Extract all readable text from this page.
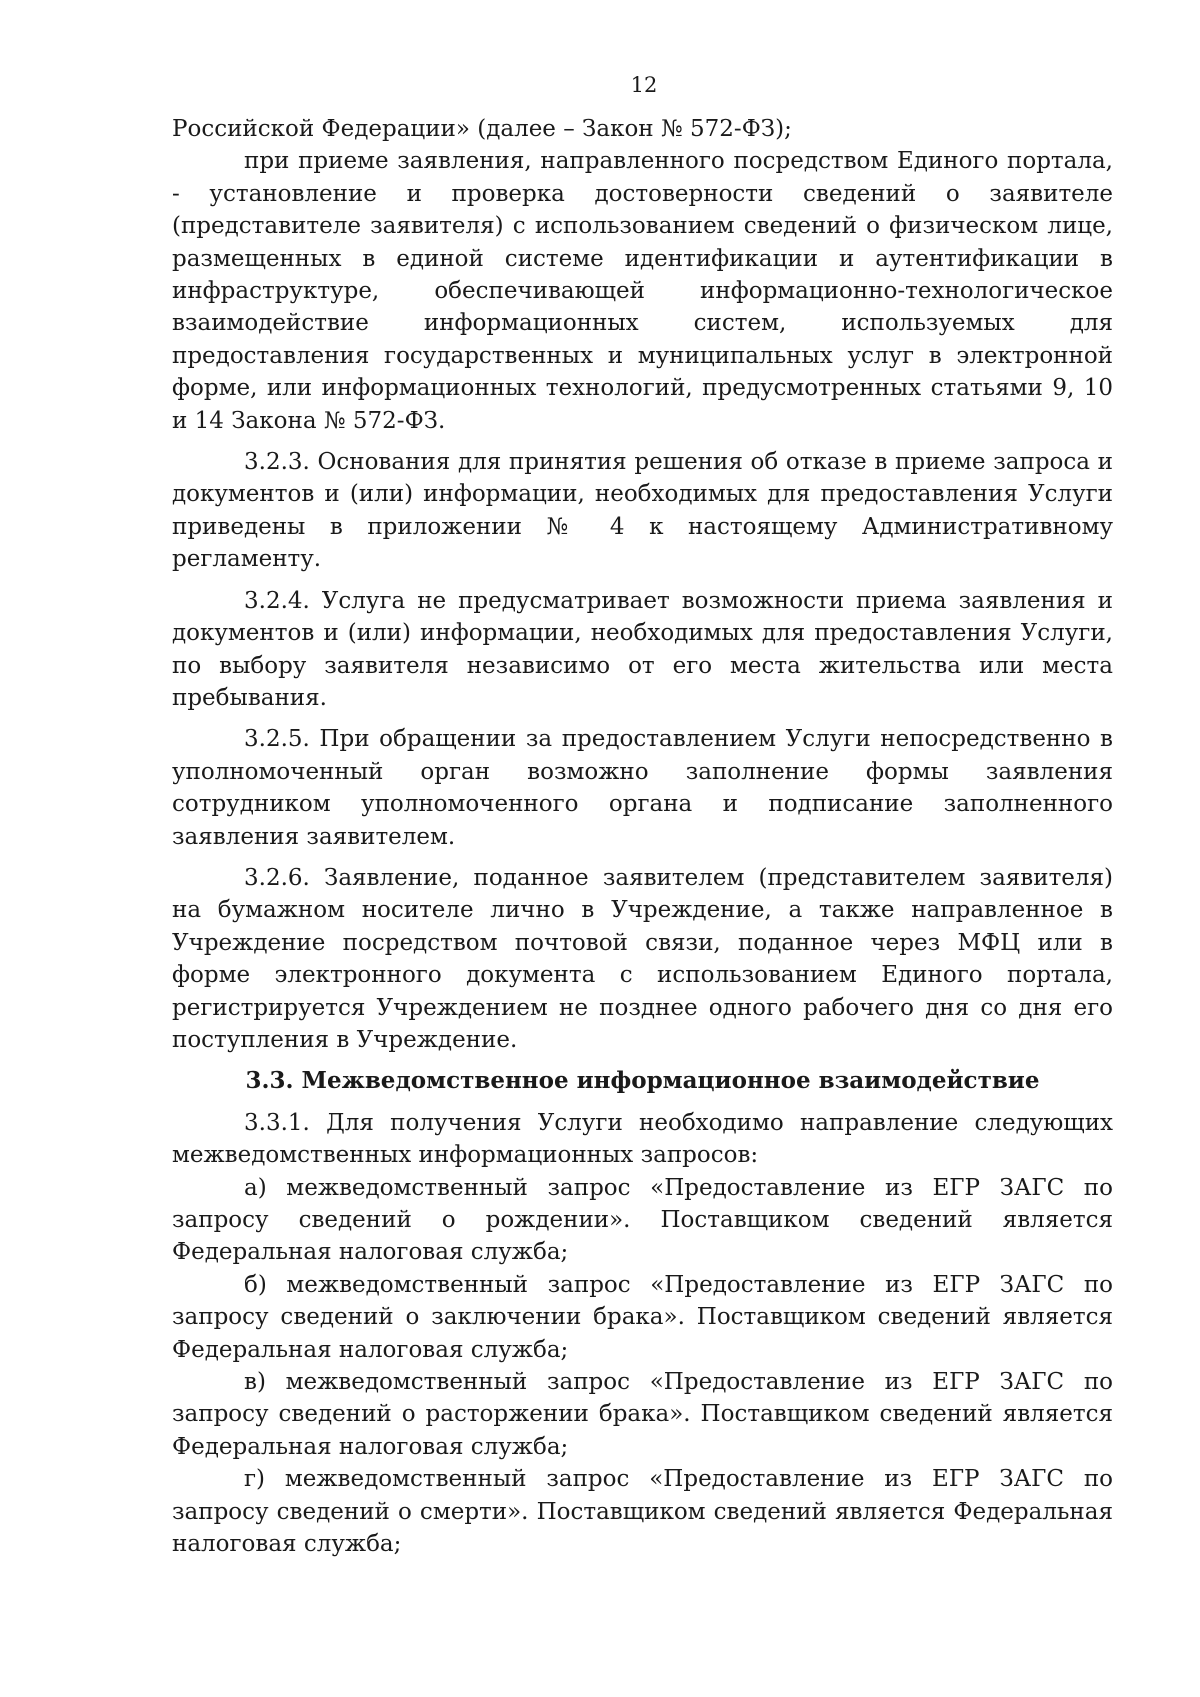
12

Российской Федерации» (далее – Закон № 572-ФЗ);

при приеме заявления, направленного посредством Единого портала, - установление и проверка достоверности сведений о заявителе (представителе заявителя) с использованием сведений о физическом лице, размещенных в единой системе идентификации и аутентификации в инфраструктуре, обеспечивающей информационно-технологическое взаимодействие информационных систем, используемых для предоставления государственных и муниципальных услуг в электронной форме, или информационных технологий, предусмотренных статьями 9, 10 и 14 Закона № 572-ФЗ.

3.2.3. Основания для принятия решения об отказе в приеме запроса и документов и (или) информации, необходимых для предоставления Услуги приведены в приложении № 4 к настоящему Административному регламенту.

3.2.4. Услуга не предусматривает возможности приема заявления и документов и (или) информации, необходимых для предоставления Услуги, по выбору заявителя независимо от его места жительства или места пребывания.

3.2.5. При обращении за предоставлением Услуги непосредственно в уполномоченный орган возможно заполнение формы заявления сотрудником уполномоченного органа и подписание заполненного заявления заявителем.

3.2.6. Заявление, поданное заявителем (представителем заявителя) на бумажном носителе лично в Учреждение, а также направленное в Учреждение посредством почтовой связи, поданное через МФЦ или в форме электронного документа с использованием Единого портала, регистрируется Учреждением не позднее одного рабочего дня со дня его поступления в Учреждение.

3.3. Межведомственное информационное взаимодействие

3.3.1. Для получения Услуги необходимо направление следующих межведомственных информационных запросов:

а) межведомственный запрос «Предоставление из ЕГР ЗАГС по запросу сведений о рождении». Поставщиком сведений является Федеральная налоговая служба;

б) межведомственный запрос «Предоставление из ЕГР ЗАГС по запросу сведений о заключении брака». Поставщиком сведений является Федеральная налоговая служба;

в) межведомственный запрос «Предоставление из ЕГР ЗАГС по запросу сведений о расторжении брака». Поставщиком сведений является Федеральная налоговая служба;

г) межведомственный запрос «Предоставление из ЕГР ЗАГС по запросу сведений о смерти». Поставщиком сведений является Федеральная налоговая служба;
